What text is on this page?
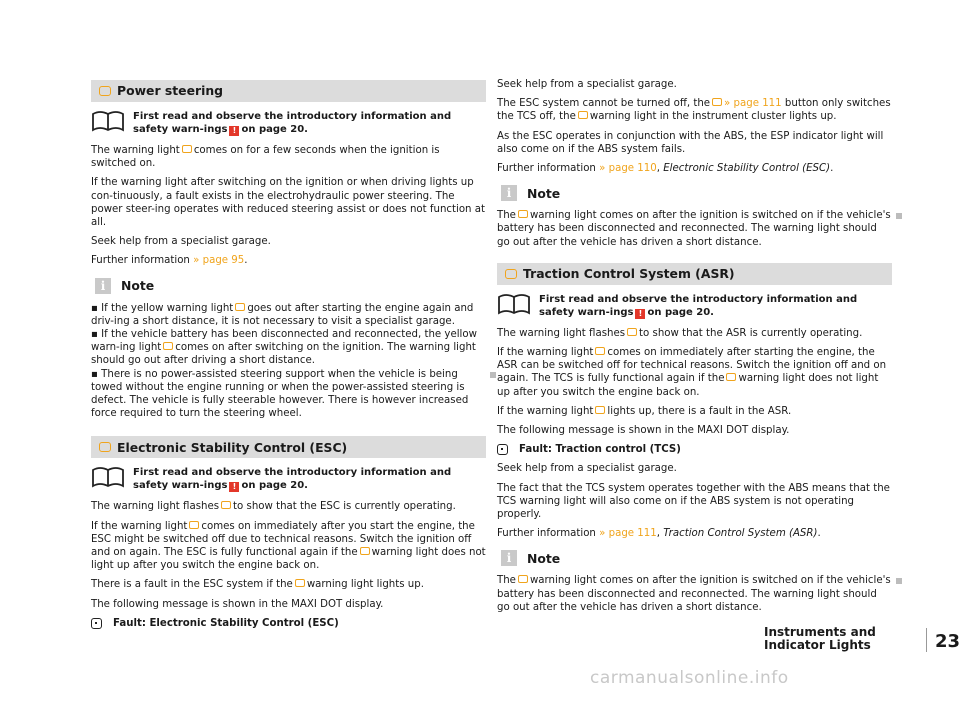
Power steering
First read and observe the introductory information and safety warn-ings ! on page 20.

The warning light comes on for a few seconds when the ignition is switched on.

If the warning light after switching on the ignition or when driving lights up con-tinuously, a fault exists in the electrohydraulic power steering. The power steer-ing operates with reduced steering assist or does not function at all.

Seek help from a specialist garage.

Further information » page 95.

i	Note

▪ If the yellow warning light goes out after starting the engine again and driv-ing a short distance, it is not necessary to visit a specialist garage.

▪ If the vehicle battery has been disconnected and reconnected, the yellow warn-ing light comes on after switching on the ignition. The warning light should go out after driving a short distance.

▪ There is no power-assisted steering support when the vehicle is being towed without the engine running or when the power-assisted steering is defect. The vehicle is fully steerable however. There is however increased force required to turn the steering wheel.

Electronic Stability Control (ESC)
First read and observe the introductory information and safety warn-ings ! on page 20.

The warning light flashes to show that the ESC is currently operating.

If the warning light comes on immediately after you start the engine, the ESC might be switched off due to technical reasons. Switch the ignition off and on again. The ESC is fully functional again if the warning light does not light up after you switch the engine back on.

There is a fault in the ESC system if the warning light lights up.

The following message is shown in the MAXI DOT display.

Fault: Electronic Stability Control (ESC)

Seek help from a specialist garage.

The ESC system cannot be turned off, the » page 111 button only switches the TCS off, the warning light in the instrument cluster lights up.

As the ESC operates in conjunction with the ABS, the ESP indicator light will also come on if the ABS system fails.

Further information » page 110, Electronic Stability Control (ESC).

i	Note

The warning light comes on after the ignition is switched on if the vehicle's battery has been disconnected and reconnected. The warning light should go out after the vehicle has driven a short distance.

Traction Control System (ASR)
First read and observe the introductory information and safety warn-ings ! on page 20.

The warning light flashes to show that the ASR is currently operating.

If the warning light comes on immediately after starting the engine, the ASR can be switched off for technical reasons. Switch the ignition off and on again. The TCS is fully functional again if the warning light does not light up after you switch the engine back on.

If the warning light lights up, there is a fault in the ASR.

The following message is shown in the MAXI DOT display.

Fault: Traction control (TCS)

Seek help from a specialist garage.

The fact that the TCS system operates together with the ABS means that the TCS warning light will also come on if the ABS system is not operating properly.

Further information » page 111, Traction Control System (ASR).

i	Note

The warning light comes on after the ignition is switched on if the vehicle's battery has been disconnected and reconnected. The warning light should go out after the vehicle has driven a short distance.

Instruments and Indicator Lights	23
carmanualsonline.info
